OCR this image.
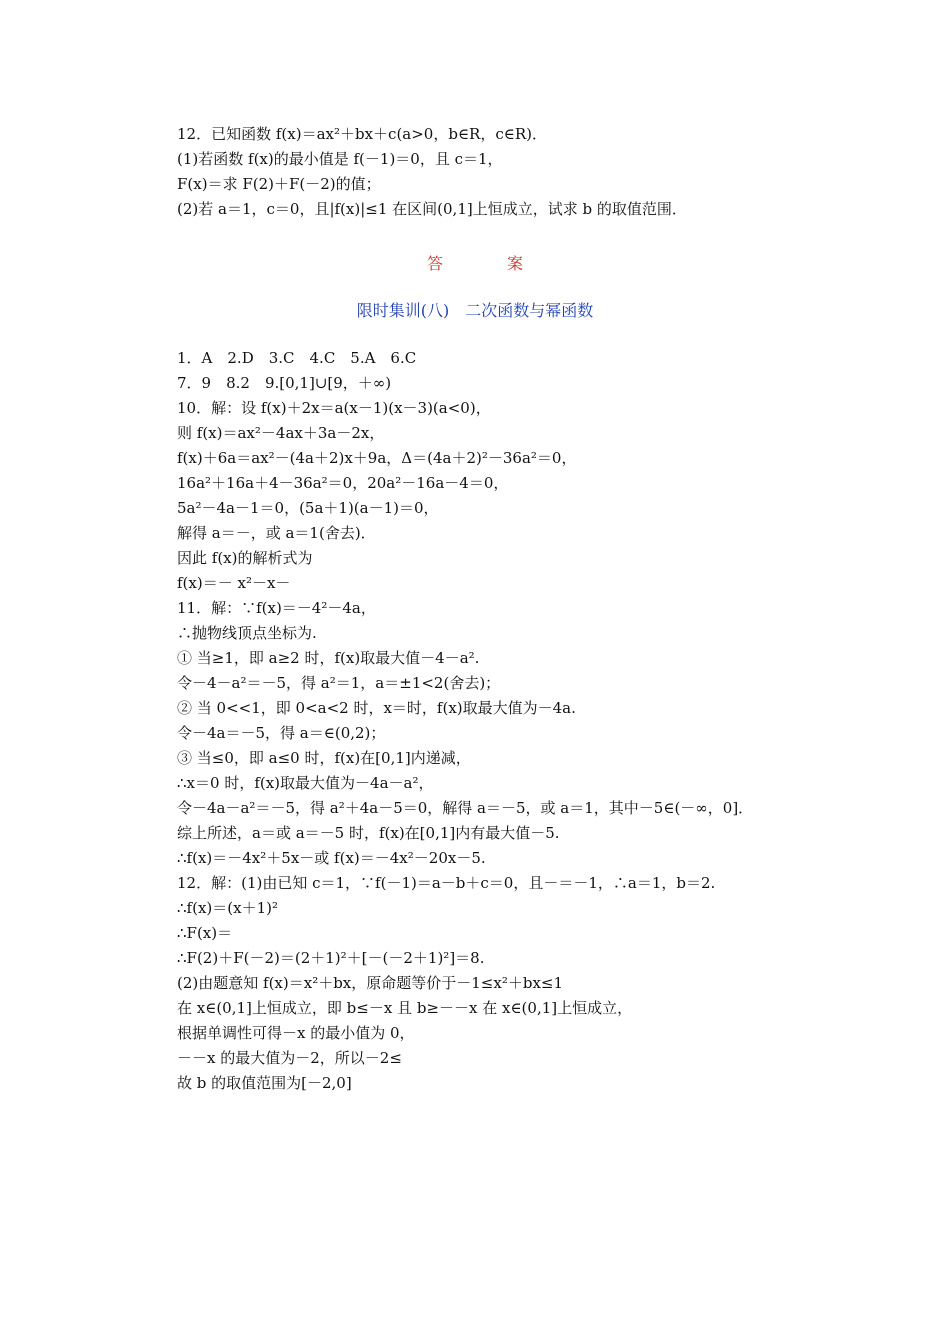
12．已知函数 f(x)＝ax²＋bx＋c(a>0，b∈R，c∈R)．

(1)若函数 f(x)的最小值是 f(－1)＝0，且 c＝1，

F(x)＝求 F(2)＋F(－2)的值；

(2)若 a＝1，c＝0，且|f(x)|≤1 在区间(0,1]上恒成立，试求 b 的取值范围．

答　案
限时集训(八)　二次函数与幂函数

1．A　2.D　3.C　4.C　5.A　6.C

7．9　8.2　9.[0,1]∪[9，＋∞)

10．解：设 f(x)＋2x＝a(x－1)(x－3)(a<0)，

则 f(x)＝ax²－4ax＋3a－2x，

f(x)＋6a＝ax²－(4a＋2)x＋9a，Δ＝(4a＋2)²－36a²＝0，

16a²＋16a＋4－36a²＝0，20a²－16a－4＝0，

5a²－4a－1＝0，(5a＋1)(a－1)＝0，

解得 a＝－，或 a＝1(舍去)．

因此 f(x)的解析式为

f(x)＝－ x²－x－

11．解：∵f(x)＝－4²－4a，

∴抛物线顶点坐标为.

① 当≥1，即 a≥2 时，f(x)取最大值－4－a².

令－4－a²＝－5，得 a²＝1，a＝±1<2(舍去)；

② 当 0<<1，即 0<a<2 时，x＝时，f(x)取最大值为－4a.

令－4a＝－5，得 a＝∈(0,2)；

③ 当≤0，即 a≤0 时，f(x)在[0,1]内递减，

∴x＝0 时，f(x)取最大值为－4a－a²，

令－4a－a²＝－5，得 a²＋4a－5＝0，解得 a＝－5，或 a＝1，其中－5∈(－∞，0]．

综上所述，a＝或 a＝－5 时，f(x)在[0,1]内有最大值－5.

∴f(x)＝－4x²＋5x－或 f(x)＝－4x²－20x－5.

12．解：(1)由已知 c＝1，∵f(－1)＝a－b＋c＝0，且－＝－1，∴a＝1，b＝2.

∴f(x)＝(x＋1)²

∴F(x)＝

∴F(2)＋F(－2)＝(2＋1)²＋[－(－2＋1)²]＝8.

(2)由题意知 f(x)＝x²＋bx，原命题等价于－1≤x²＋bx≤1

在 x∈(0,1]上恒成立，即 b≤－x 且 b≥－－x 在 x∈(0,1]上恒成立，

根据单调性可得－x 的最小值为 0，

－－x 的最大值为－2，所以－2≤

故 b 的取值范围为[－2,0]
